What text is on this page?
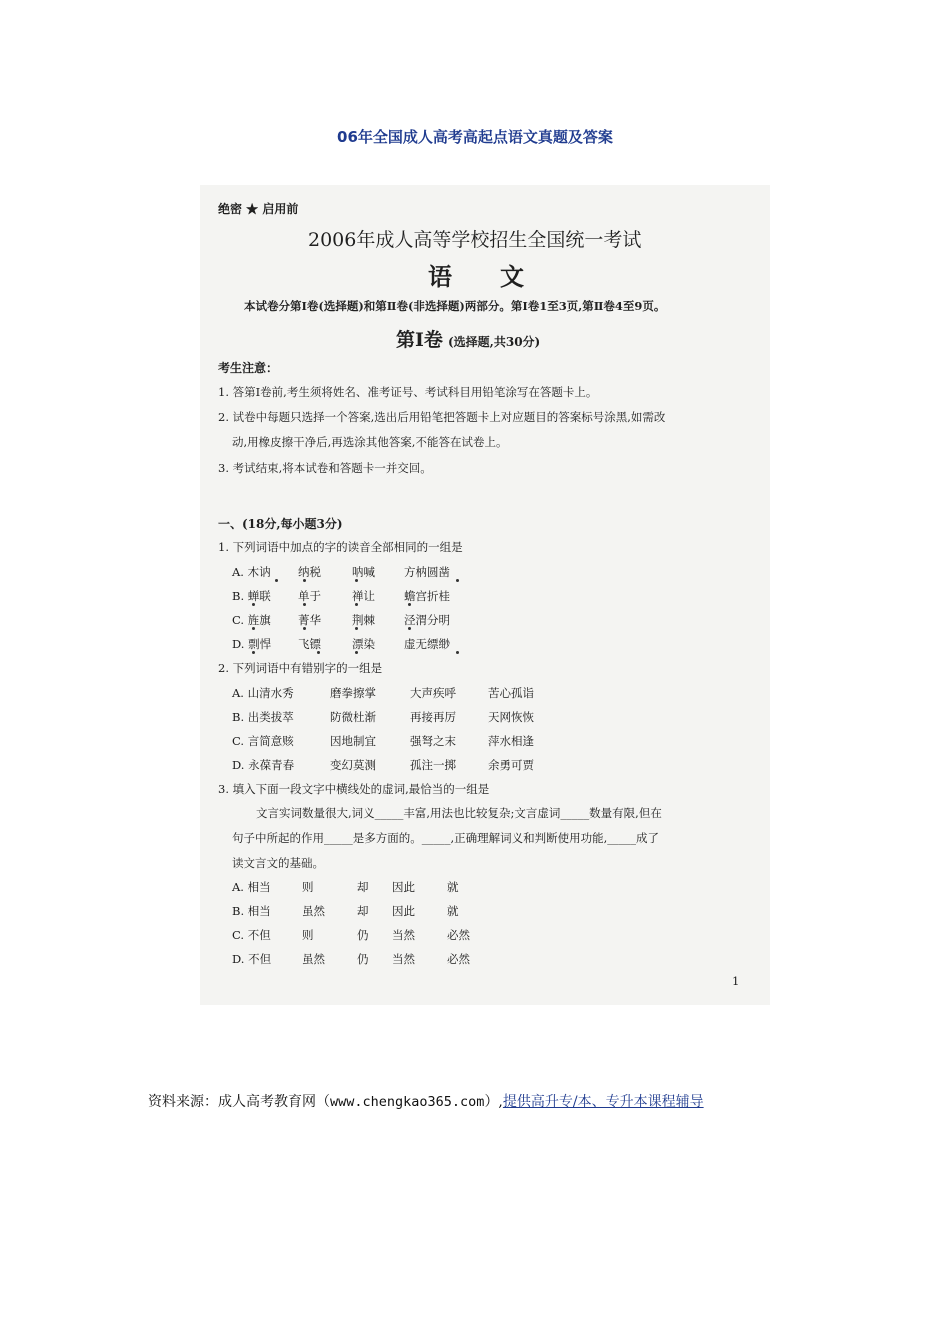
06年全国成人高考高起点语文真题及答案
绝密 ★ 启用前
2006年成人高等学校招生全国统一考试
语　　文
本试卷分第Ⅰ卷(选择题)和第Ⅱ卷(非选择题)两部分。第Ⅰ卷1至3页,第Ⅱ卷4至9页。
第Ⅰ卷 (选择题,共30分)
考生注意：
1. 答第Ⅰ卷前,考生须将姓名、准考证号、考试科目用铅笔涂写在答题卡上。
2. 试卷中每题只选择一个答案,选出后用铅笔把答题卡上对应题目的答案标号涂黑,如需改
动,用橡皮擦干净后,再选涂其他答案,不能答在试卷上。
3. 考试结束,将本试卷和答题卡一并交回。
一、(18分,每小题3分)
1. 下列词语中加点的字的读音全部相同的一组是
A. 木讷 纳税	呐喊	方枘圆凿
B. 蝉联 单于	禅让	蟾宫折桂
C. 旌旗 菁华	荆棘	泾渭分明
D. 剽悍 飞镖	漂染	虚无缥缈
2. 下列词语中有错别字的一组是
A. 山清水秀	磨拳擦掌	大声疾呼	苦心孤诣
B. 出类拔萃	防微杜渐	再接再厉	天网恢恢
C. 言简意赅	因地制宜	强弩之末	萍水相逢
D. 永葆青春	变幻莫测	孤注一掷	余勇可贾
3. 填入下面一段文字中横线处的虚词,最恰当的一组是
文言实词数量很大,词义_____丰富,用法也比较复杂;文言虚词_____数量有限,但在
句子中所起的作用_____是多方面的。_____,正确理解词义和判断使用功能,_____成了
读文言文的基础。
A. 相当	则	却 因此	就
B. 相当	虽然	却 因此	就
C. 不但	则	仍 当然	必然
D. 不但	虽然	仍 当然	必然
1
资料来源：成人高考教育网（www.chengkao365.com）,提供高升专/本、专升本课程辅导
